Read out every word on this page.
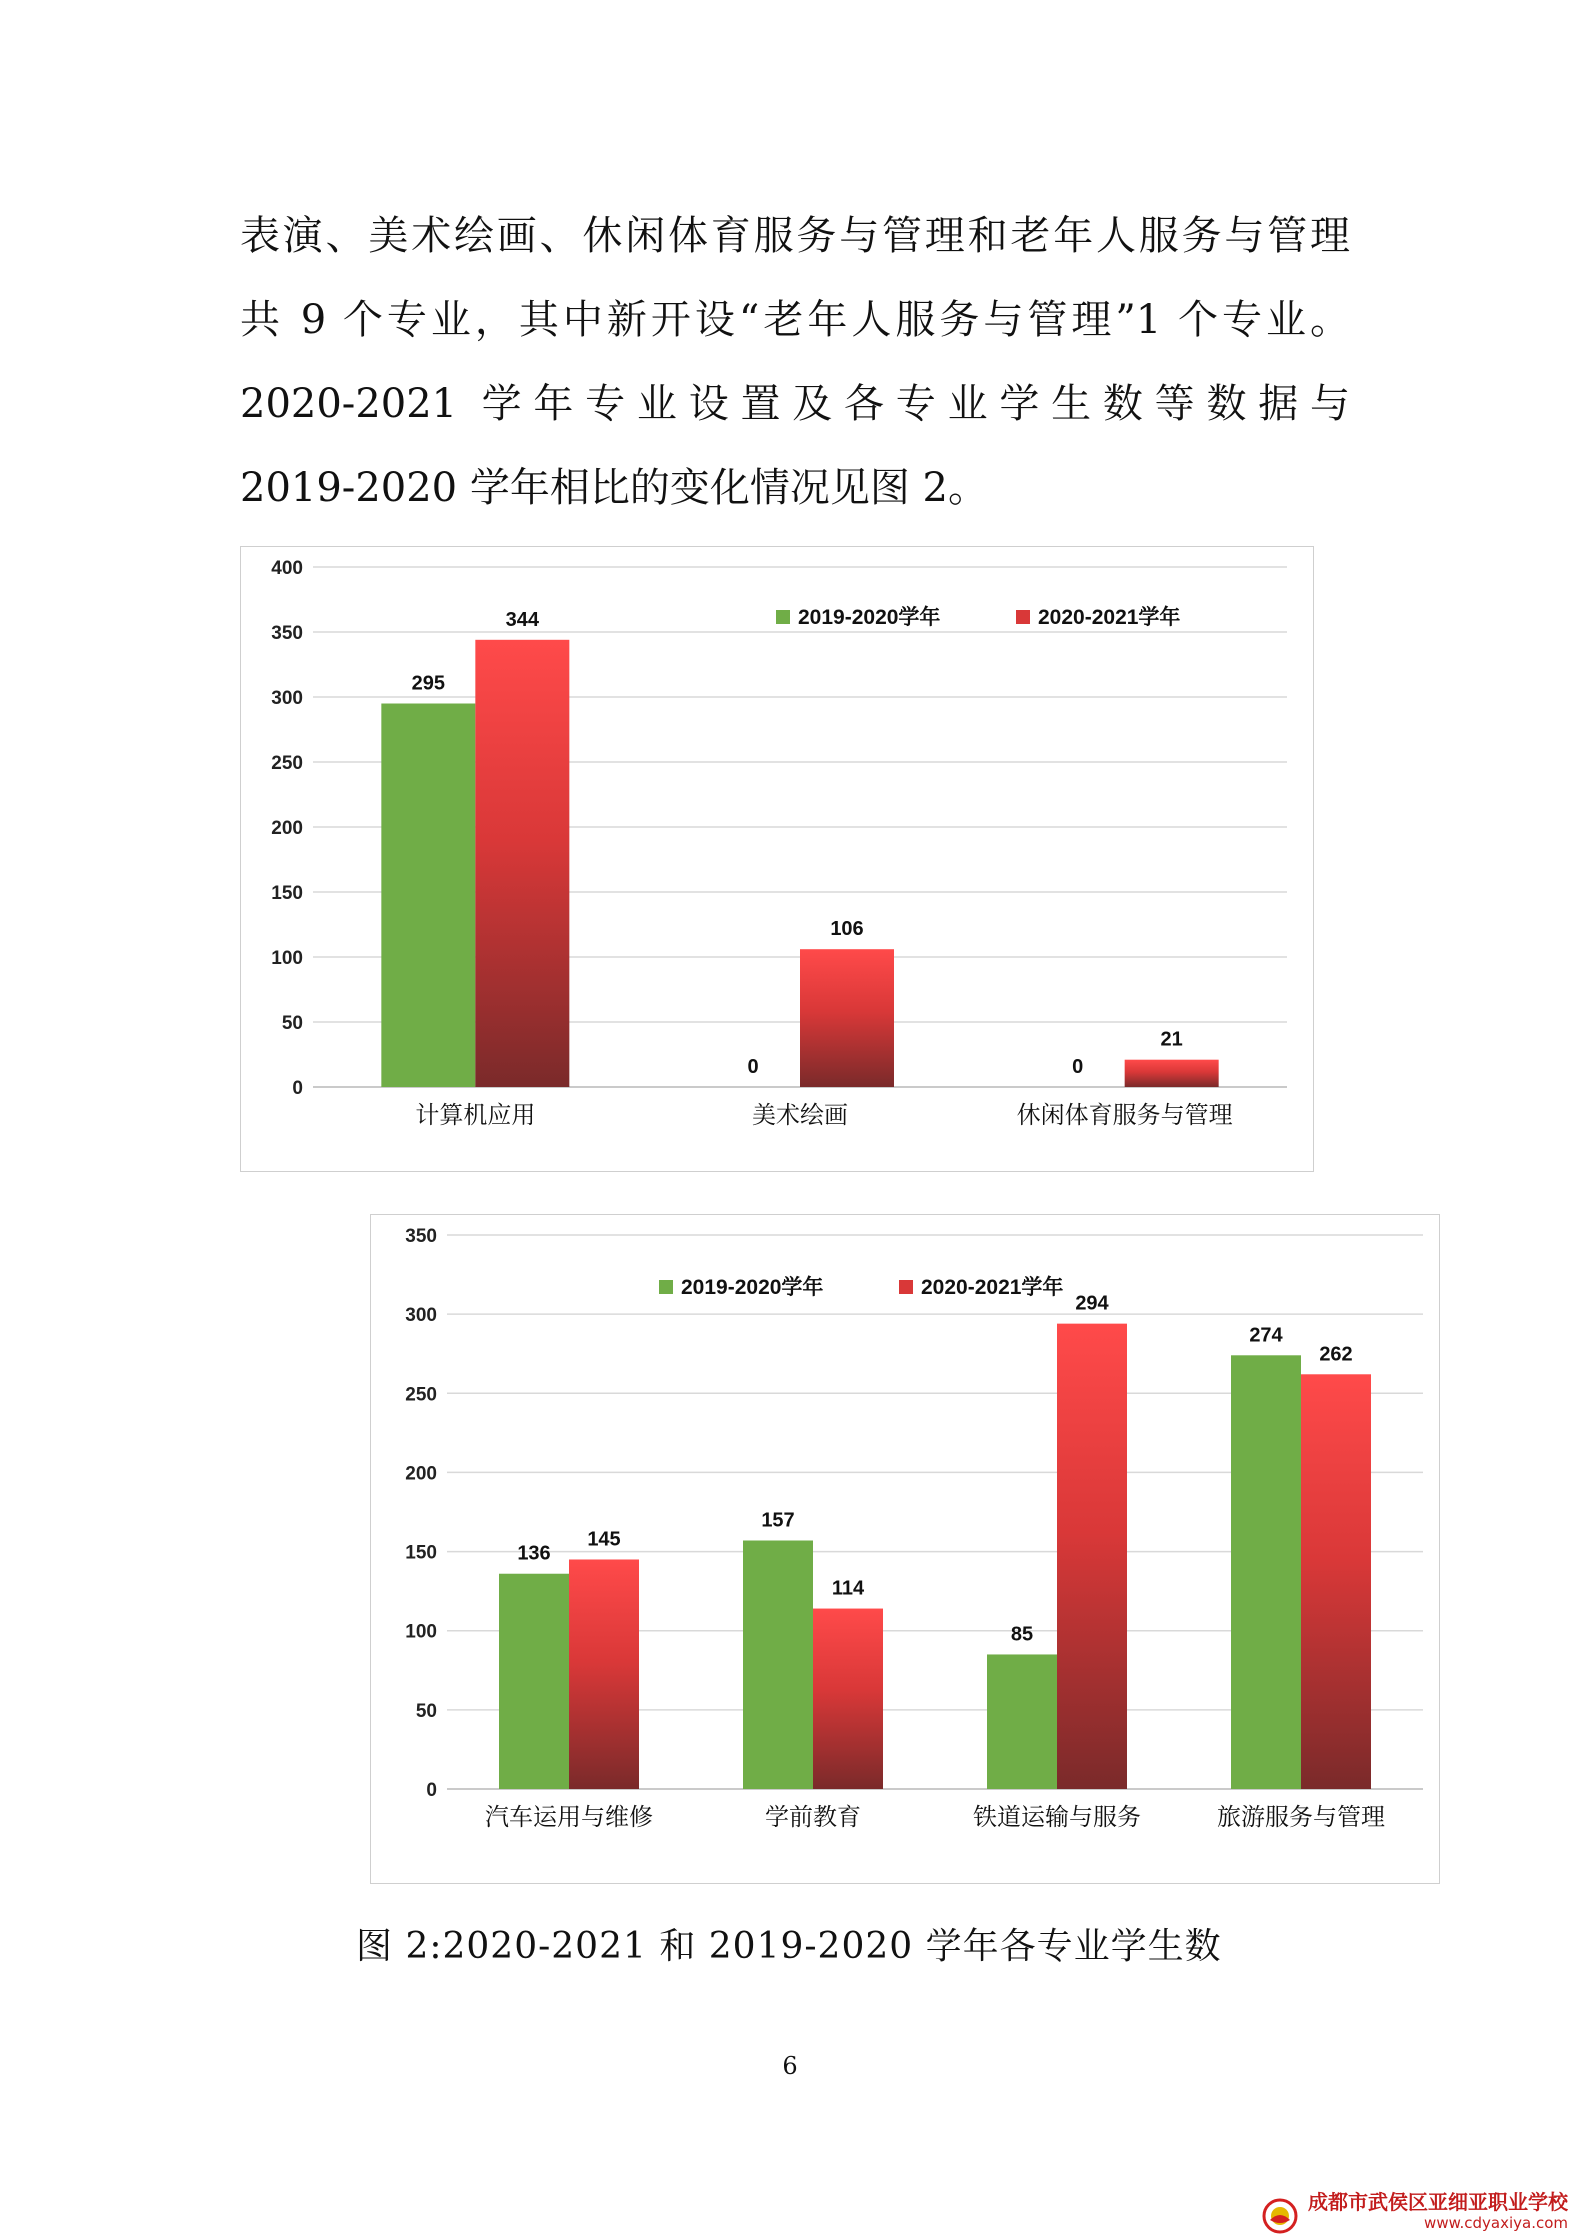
表演、美术绘画、休闲体育服务与管理和老年人服务与管理
共 9 个专业，其中新开设“老年人服务与管理”1 个专业。
2020-2021 学年专业设置及各专业学生数等数据与
2019-2020 学年相比的变化情况见图 2。
0
50
100
150
200
250
300
350
400
计算机应用
295
344
美术绘画
0
106
休闲体育服务与管理
0
21
2019-2020学年	2020-2021学年
0
50
100
150
200
250
300
350
汽车运用与维修
136
145
学前教育
157
114
铁道运输与服务
85
294
旅游服务与管理
274
262
2019-2020学年	2020-2021学年
图 2:2020-2021 和 2019-2020 学年各专业学生数
6
成都市武侯区亚细亚职业学校
www.cdyaxiya.com
